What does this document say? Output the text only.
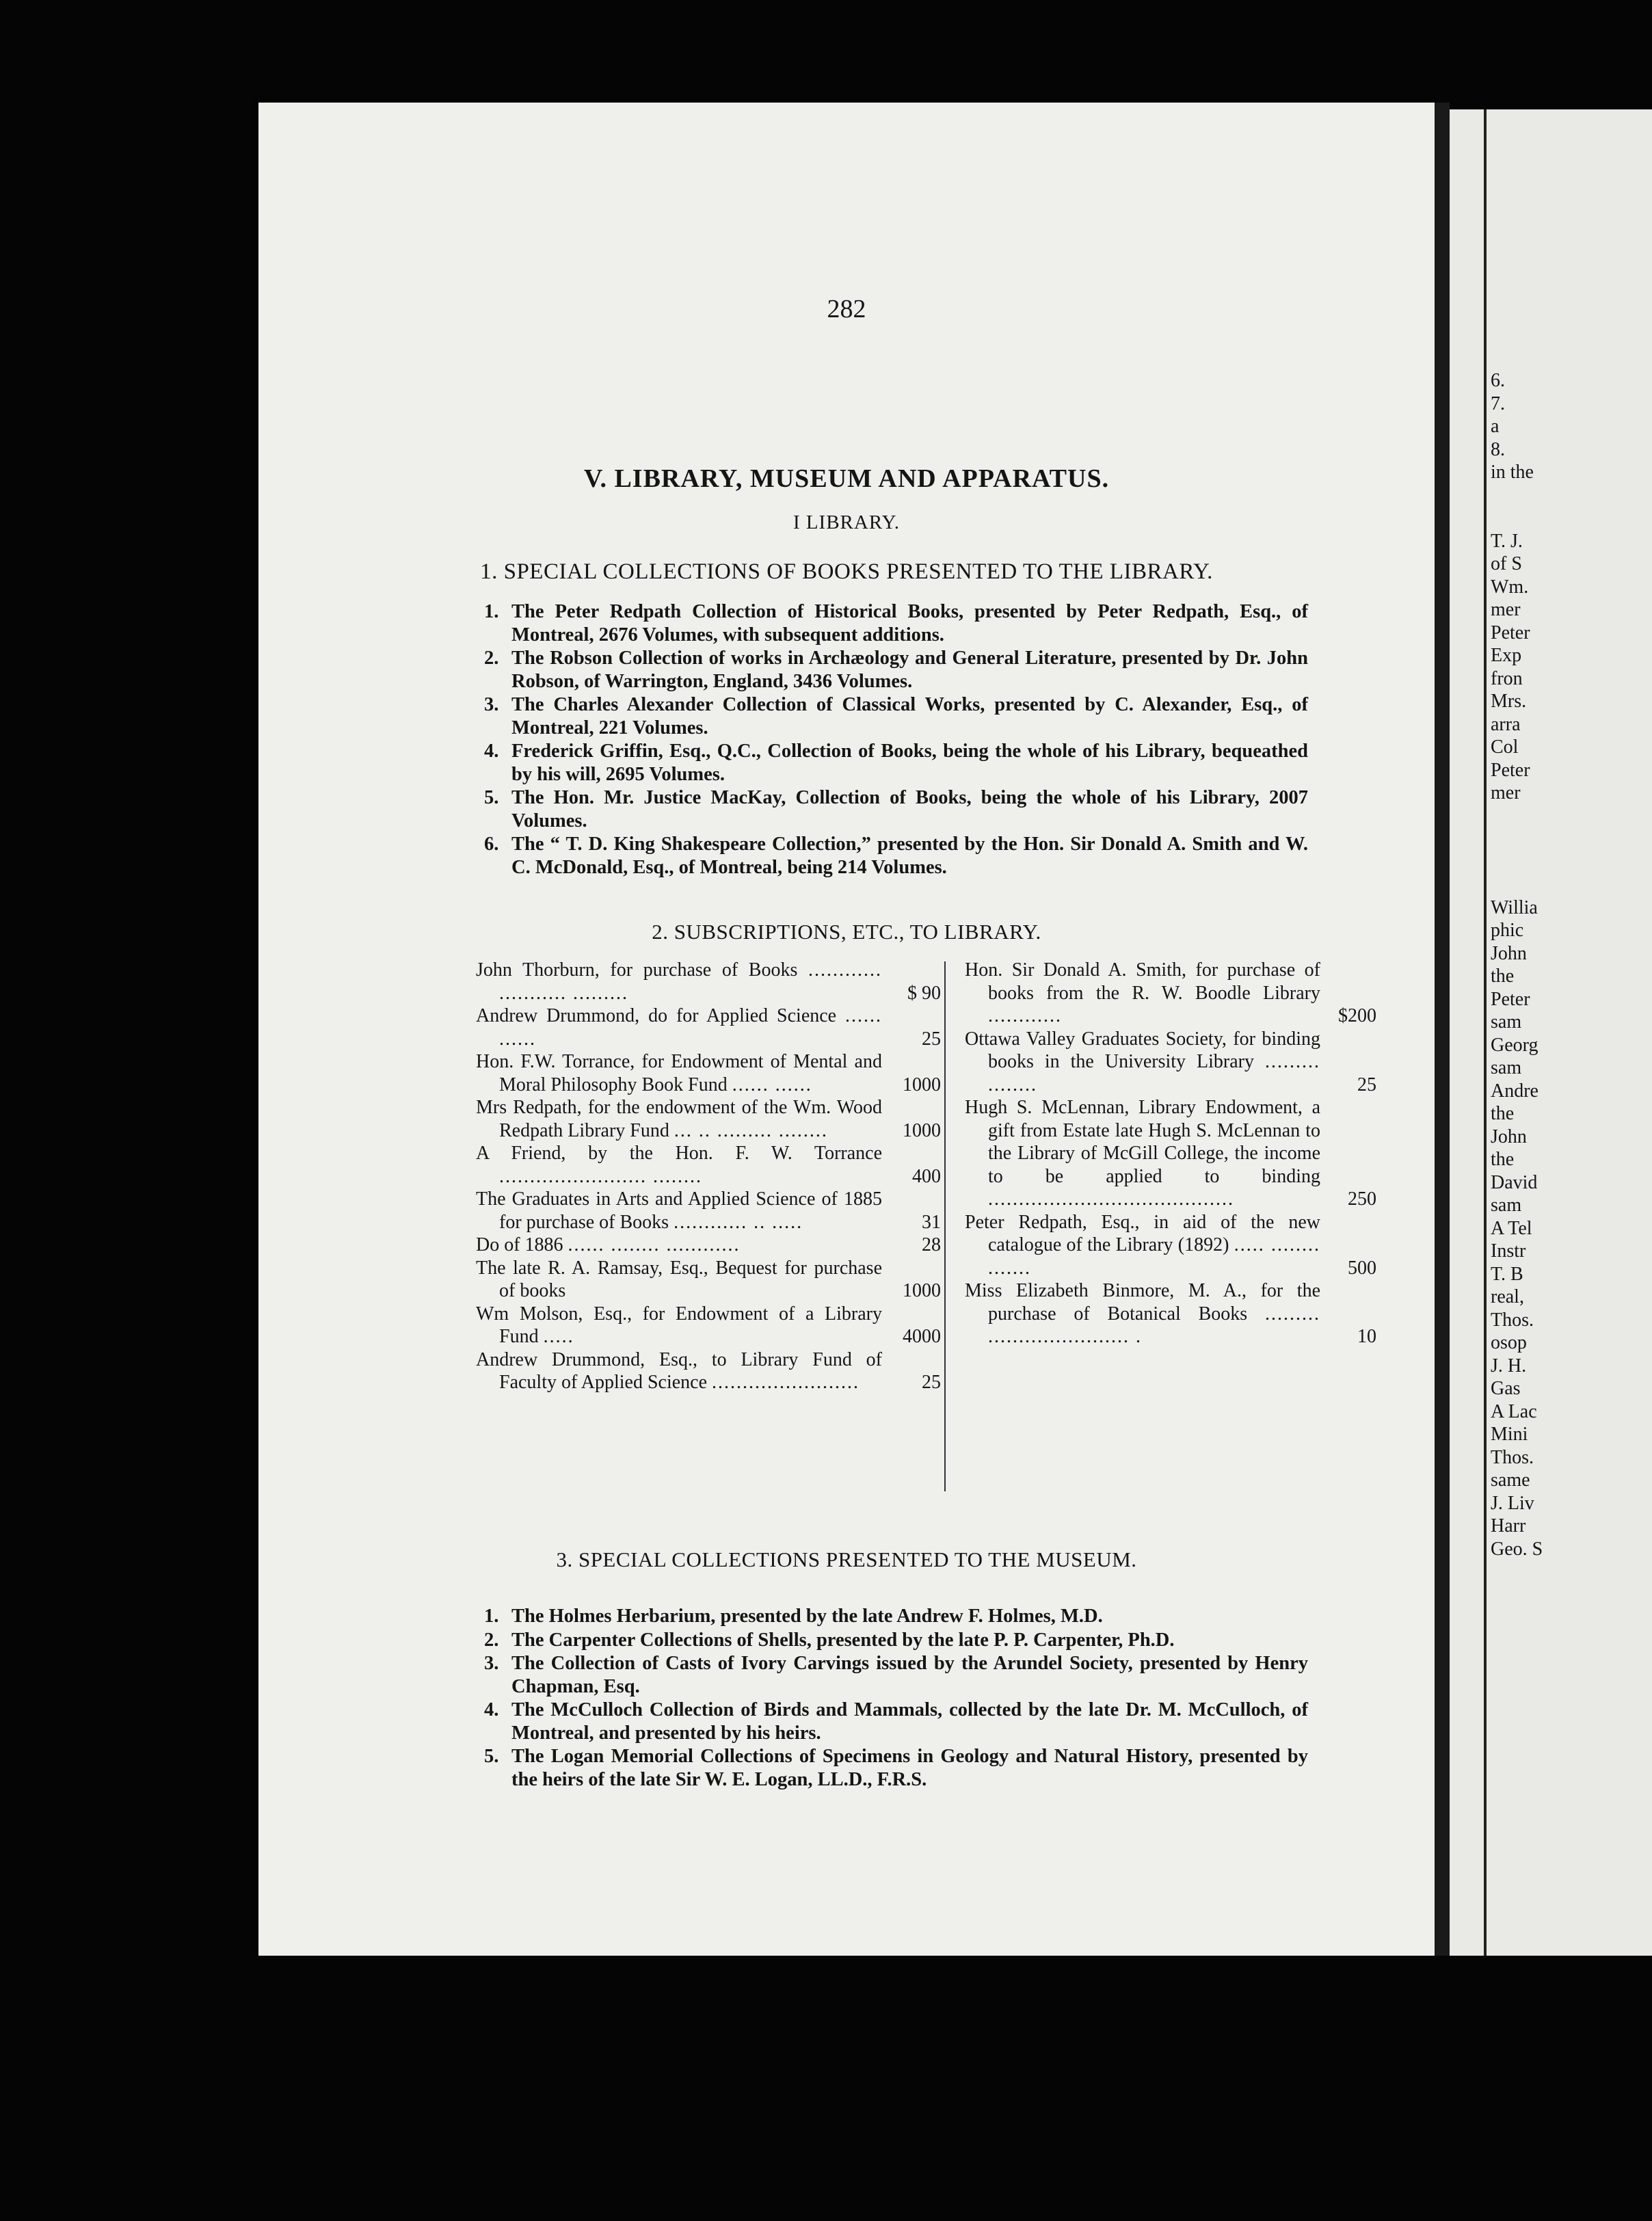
282
V. LIBRARY, MUSEUM AND APPARATUS.
I LIBRARY.
1. SPECIAL COLLECTIONS OF BOOKS PRESENTED TO THE LIBRARY.
1. The Peter Redpath Collection of Historical Books, presented by Peter Redpath, Esq., of Montreal, 2676 Volumes, with subsequent additions.
2. The Robson Collection of works in Archæology and General Literature, presented by Dr. John Robson, of Warrington, England, 3436 Volumes.
3. The Charles Alexander Collection of Classical Works, presented by C. Alexander, Esq., of Montreal, 221 Volumes.
4. Frederick Griffin, Esq., Q.C., Collection of Books, being the whole of his Library, bequeathed by his will, 2695 Volumes.
5. The Hon. Mr. Justice MacKay, Collection of Books, being the whole of his Library, 2007 Volumes.
6. The “ T. D. King Shakespeare Collection,” presented by the Hon. Sir Donald A. Smith and W. C. McDonald, Esq., of Montreal, being 214 Volumes.
2. SUBSCRIPTIONS, ETC., TO LIBRARY.
John Thorburn, for purchase of Books ............ ........... .........	$ 90
Andrew Drummond, do for Applied Science ...... ......	25
Hon. F.W. Torrance, for Endowment of Mental and Moral Philosophy Book Fund ...... ......	1000
Mrs Redpath, for the endowment of the Wm. Wood Redpath Library Fund ... .. ......... ........	1000
A Friend, by the Hon. F. W. Torrance ........................ ........	400
The Graduates in Arts and Applied Science of 1885 for purchase of Books ............ .. .....	31
Do of 1886 ...... ........ ............	28
The late R. A. Ramsay, Esq., Bequest for purchase of books	1000
Wm Molson, Esq., for Endowment of a Library Fund .....	4000
Andrew Drummond, Esq., to Library Fund of Faculty of Applied Science ........................	25
Hon. Sir Donald A. Smith, for purchase of books from the R. W. Boodle Library ............	$200
Ottawa Valley Graduates Society, for binding books in the University Library ......... ........	25
Hugh S. McLennan, Library Endowment, a gift from Estate late Hugh S. McLennan to the Library of McGill College, the income to be applied to binding ........................................	250
Peter Redpath, Esq., in aid of the new catalogue of the Library (1892) ..... ........ .......	500
Miss Elizabeth Binmore, M. A., for the purchase of Botanical Books ......... ....................... .	10
3. SPECIAL COLLECTIONS PRESENTED TO THE MUSEUM.
1. The Holmes Herbarium, presented by the late Andrew F. Holmes, M.D.
2. The Carpenter Collections of Shells, presented by the late P. P. Carpenter, Ph.D.
3. The Collection of Casts of Ivory Carvings issued by the Arundel Society, presented by Henry Chapman, Esq.
4. The McCulloch Collection of Birds and Mammals, collected by the late Dr. M. McCulloch, of Montreal, and presented by his heirs.
5. The Logan Memorial Collections of Specimens in Geology and Natural History, presented by the heirs of the late Sir W. E. Logan, LL.D., F.R.S.
6.
7.
a
8.
in the

T. J.
of S
Wm.
mer
Peter
Exp
fron
Mrs.
arra
Col
Peter
mer

Willia
phic
John
the
Peter
sam
Georg
sam
Andre
the
John
the
David
sam
A Tel
Instr
T. B
real,
Thos.
osop
J. H.
Gas
A Lac
Mini
Thos.
same
J. Liv
Harr
Geo. S
